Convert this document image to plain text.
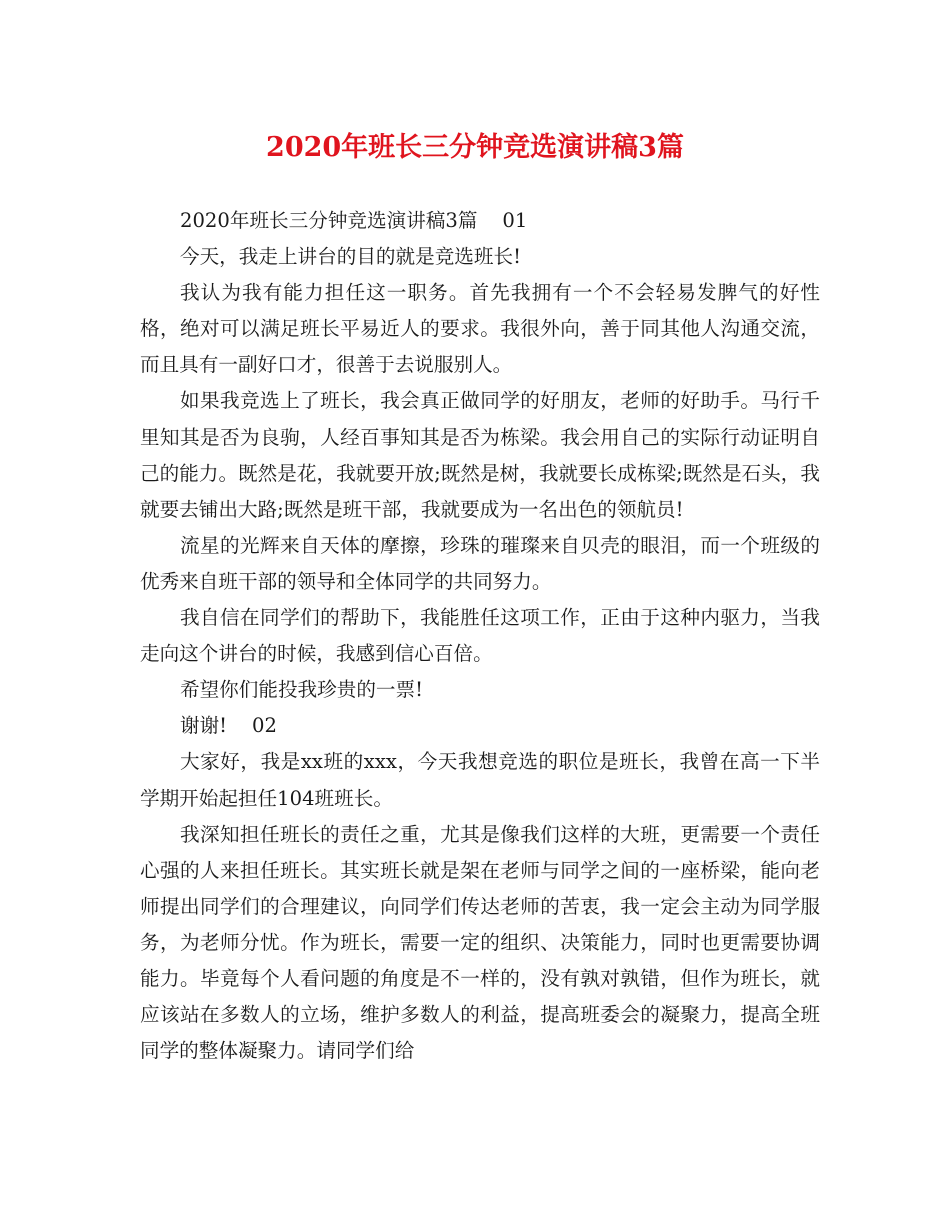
2020年班长三分钟竞选演讲稿3篇

2020年班长三分钟竞选演讲稿3篇    01

今天，我走上讲台的目的就是竞选班长!

我认为我有能力担任这一职务。首先我拥有一个不会轻易发脾气的好性格，绝对可以满足班长平易近人的要求。我很外向，善于同其他人沟通交流，而且具有一副好口才，很善于去说服别人。

如果我竞选上了班长，我会真正做同学的好朋友，老师的好助手。马行千里知其是否为良驹，人经百事知其是否为栋梁。我会用自己的实际行动证明自己的能力。既然是花，我就要开放;既然是树，我就要长成栋梁;既然是石头，我就要去铺出大路;既然是班干部，我就要成为一名出色的领航员!

流星的光辉来自天体的摩擦，珍珠的璀璨来自贝壳的眼泪，而一个班级的优秀来自班干部的领导和全体同学的共同努力。

我自信在同学们的帮助下，我能胜任这项工作，正由于这种内驱力，当我走向这个讲台的时候，我感到信心百倍。

希望你们能投我珍贵的一票!

谢谢!    02

大家好，我是xx班的xxx，今天我想竞选的职位是班长，我曾在高一下半学期开始起担任104班班长。

我深知担任班长的责任之重，尤其是像我们这样的大班，更需要一个责任心强的人来担任班长。其实班长就是架在老师与同学之间的一座桥梁，能向老师提出同学们的合理建议，向同学们传达老师的苦衷，我一定会主动为同学服务，为老师分忧。作为班长，需要一定的组织、决策能力，同时也更需要协调能力。毕竟每个人看问题的角度是不一样的，没有孰对孰错，但作为班长，就应该站在多数人的立场，维护多数人的利益，提高班委会的凝聚力，提高全班同学的整体凝聚力。请同学们给
